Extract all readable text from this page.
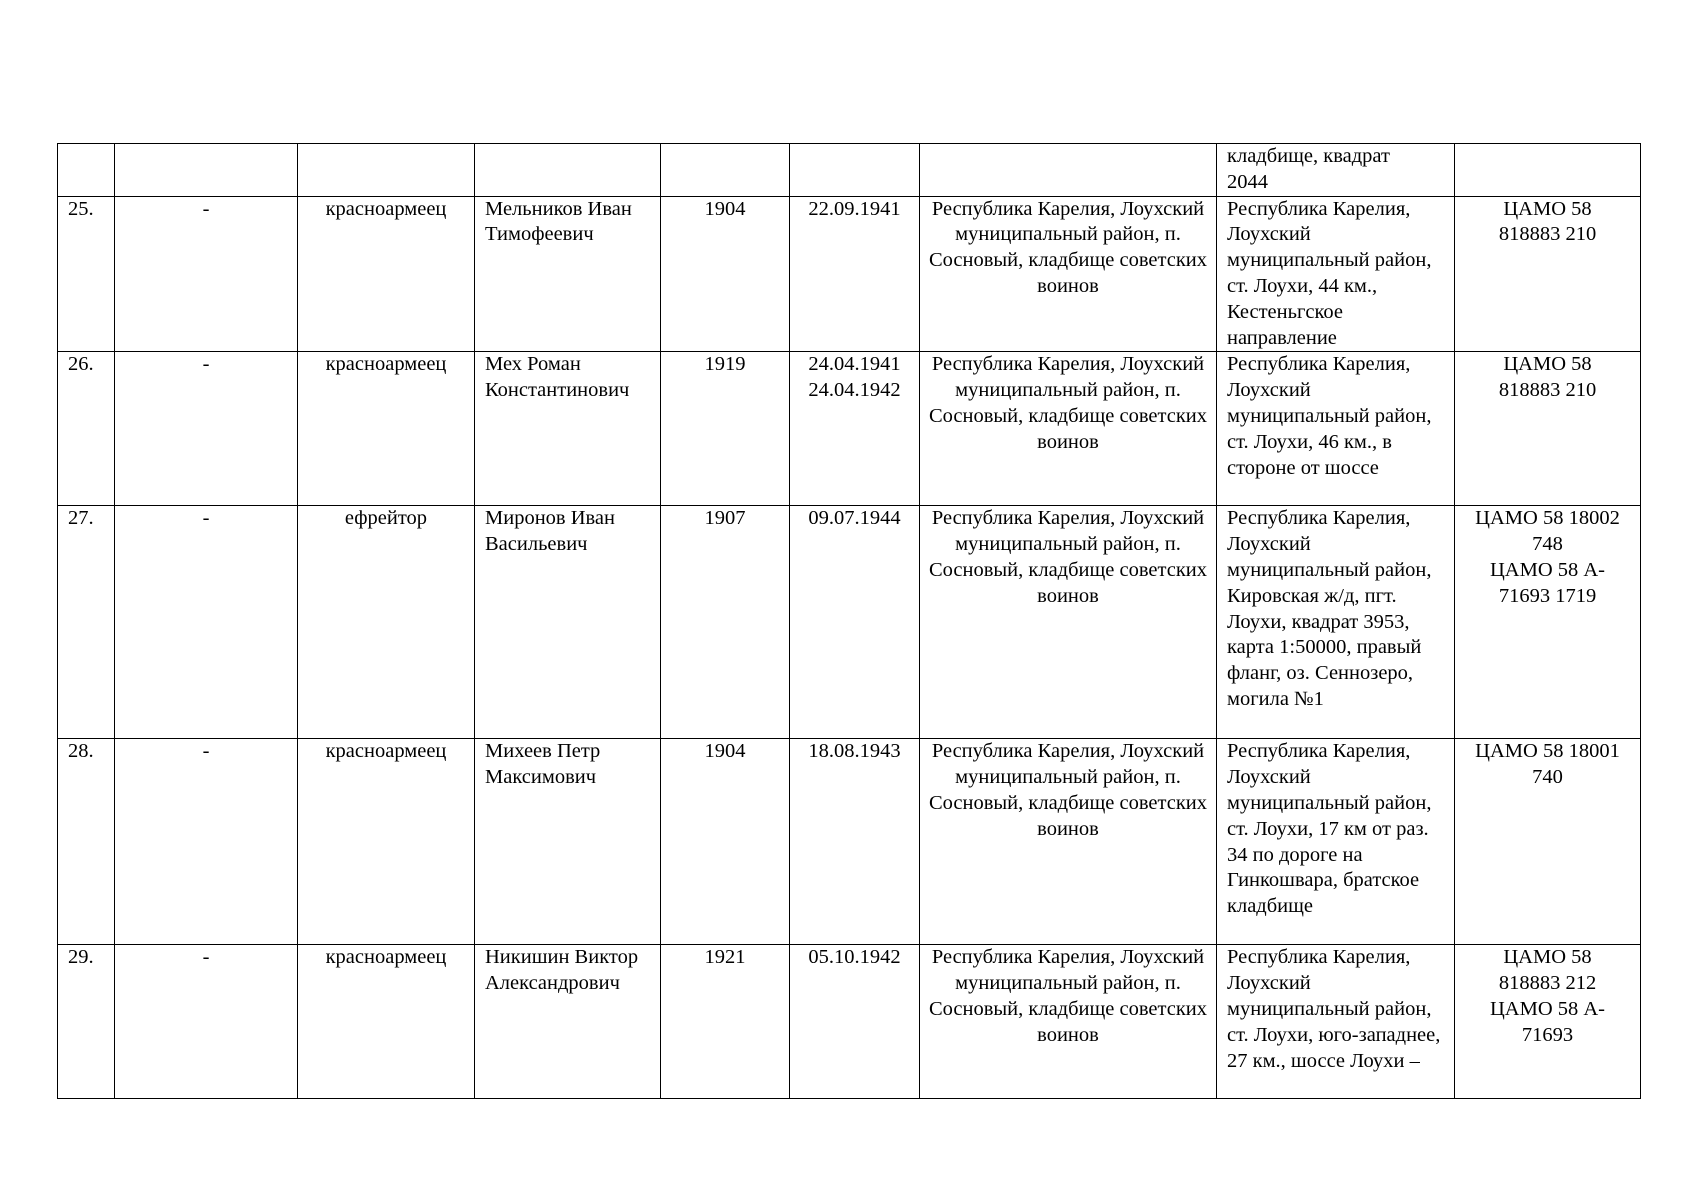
							кладбище, квадрат
2044	

25.	-	красноармеец	Мельников Иван Тимофеевич	1904	22.09.1941	Республика Карелия, Лоухский муниципальный район, п. Сосновый, кладбище советских воинов	Республика Карелия, Лоухский муниципальный район, ст. Лоухи, 44 км., Кестеньгское направление	ЦАМО 58
818883 210

26.	-	красноармеец	Мех Роман Константинович	1919	24.04.1941
24.04.1942	Республика Карелия, Лоухский муниципальный район, п. Сосновый, кладбище советских воинов	Республика Карелия, Лоухский муниципальный район, ст. Лоухи, 46 км., в стороне от шоссе	ЦАМО 58
818883 210

27.	-	ефрейтор	Миронов Иван Васильевич	1907	09.07.1944	Республика Карелия, Лоухский муниципальный район, п. Сосновый, кладбище советских воинов	Республика Карелия, Лоухский муниципальный район, Кировская ж/д, пгт. Лоухи, квадрат 3953, карта 1:50000, правый фланг, оз. Сеннозеро, могила №1	ЦАМО 58 18002
748
ЦАМО 58 А-
71693 1719

28.	-	красноармеец	Михеев Петр Максимович	1904	18.08.1943	Республика Карелия, Лоухский муниципальный район, п. Сосновый, кладбище советских воинов	Республика Карелия, Лоухский муниципальный район, ст. Лоухи, 17 км от раз. 34 по дороге на Гинкошвара, братское кладбище	ЦАМО 58 18001
740

29.	-	красноармеец	Никишин Виктор Александрович	1921	05.10.1942	Республика Карелия, Лоухский муниципальный район, п. Сосновый, кладбище советских воинов	Республика Карелия, Лоухский муниципальный район, ст. Лоухи, юго-западнее, 27 км., шоссе Лоухи –	ЦАМО 58
818883 212
ЦАМО 58 А-
71693
